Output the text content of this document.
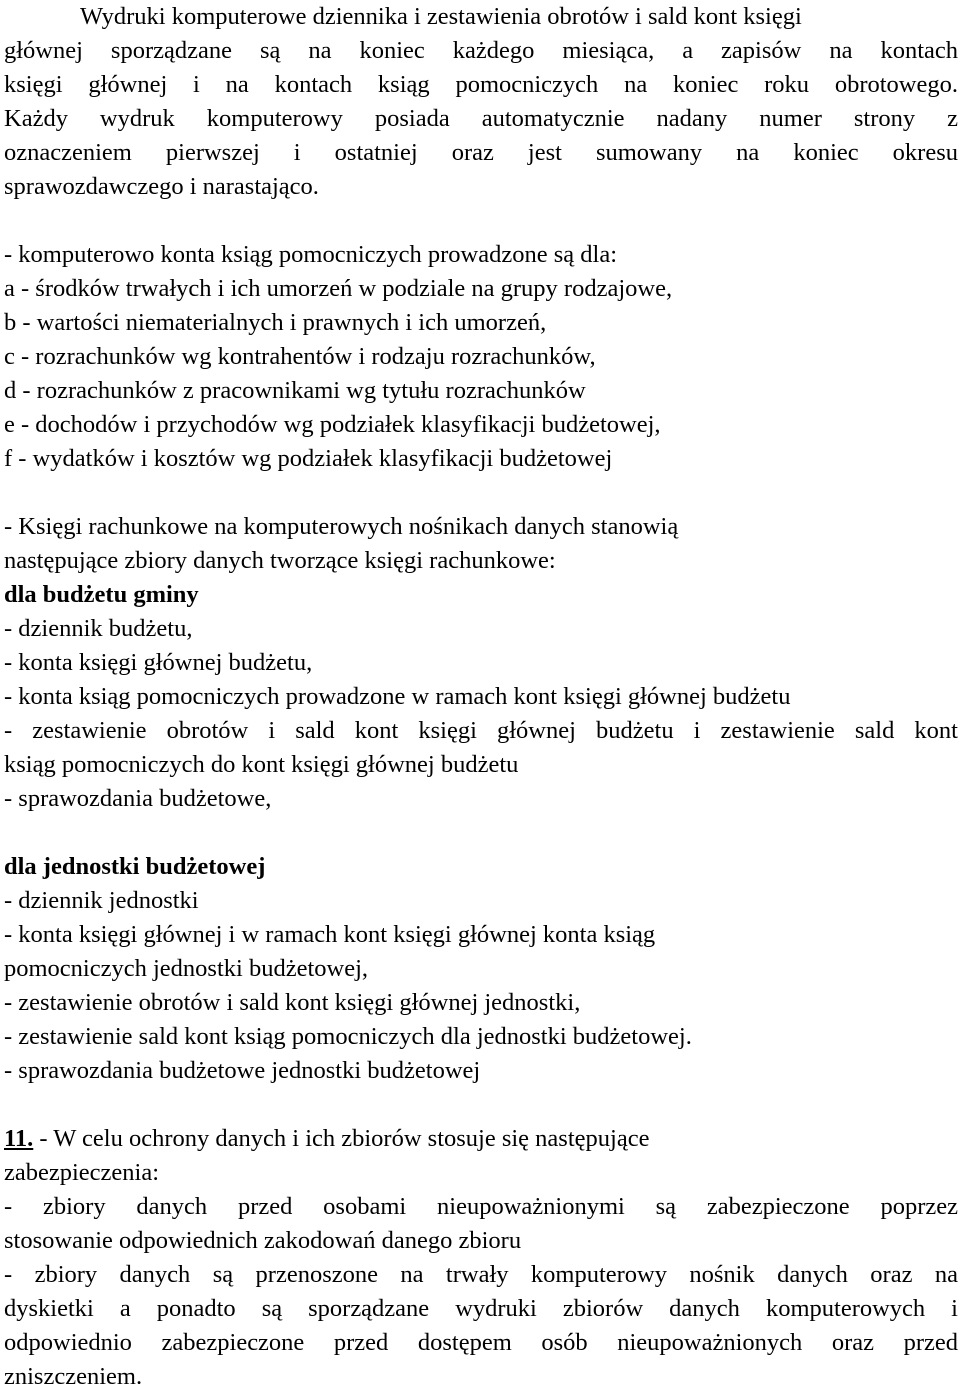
Wydruki komputerowe dziennika i zestawienia obrotów i sald kont księgi
głównej sporządzane są na koniec każdego miesiąca, a zapisów na kontach
księgi głównej i na kontach ksiąg pomocniczych na koniec roku obrotowego.
Każdy wydruk komputerowy posiada automatycznie nadany numer strony z
oznaczeniem pierwszej i ostatniej oraz jest sumowany na koniec okresu
sprawozdawczego i narastająco.
- komputerowo konta ksiąg pomocniczych prowadzone są dla:
a - środków trwałych i ich umorzeń w podziale na grupy rodzajowe,
b - wartości niematerialnych i prawnych i ich umorzeń,
c - rozrachunków wg kontrahentów i rodzaju rozrachunków,
d - rozrachunków z pracownikami wg tytułu rozrachunków
e - dochodów i przychodów wg podziałek klasyfikacji budżetowej,
f - wydatków i kosztów wg podziałek klasyfikacji budżetowej
- Księgi rachunkowe na komputerowych nośnikach danych stanowią
następujące zbiory danych tworzące księgi rachunkowe:
dla budżetu gminy
- dziennik budżetu,
- konta księgi głównej budżetu,
- konta ksiąg pomocniczych prowadzone w ramach kont księgi głównej budżetu
- zestawienie obrotów i sald kont księgi głównej budżetu i zestawienie sald kont
ksiąg pomocniczych do kont księgi głównej budżetu
- sprawozdania budżetowe,
dla jednostki budżetowej
- dziennik jednostki
- konta księgi głównej i w ramach kont księgi głównej konta ksiąg
pomocniczych jednostki budżetowej,
- zestawienie obrotów i sald kont księgi głównej jednostki,
- zestawienie sald kont ksiąg pomocniczych dla jednostki budżetowej.
- sprawozdania budżetowe jednostki budżetowej
11. - W celu ochrony danych i ich zbiorów stosuje się następujące
zabezpieczenia:
- zbiory danych przed osobami nieupoważnionymi są zabezpieczone poprzez
stosowanie odpowiednich zakodowań danego zbioru
- zbiory danych są przenoszone na trwały komputerowy nośnik danych oraz na
dyskietki a ponadto są sporządzane wydruki zbiorów danych komputerowych i
odpowiednio zabezpieczone przed dostępem osób nieupoważnionych oraz przed
zniszczeniem.
